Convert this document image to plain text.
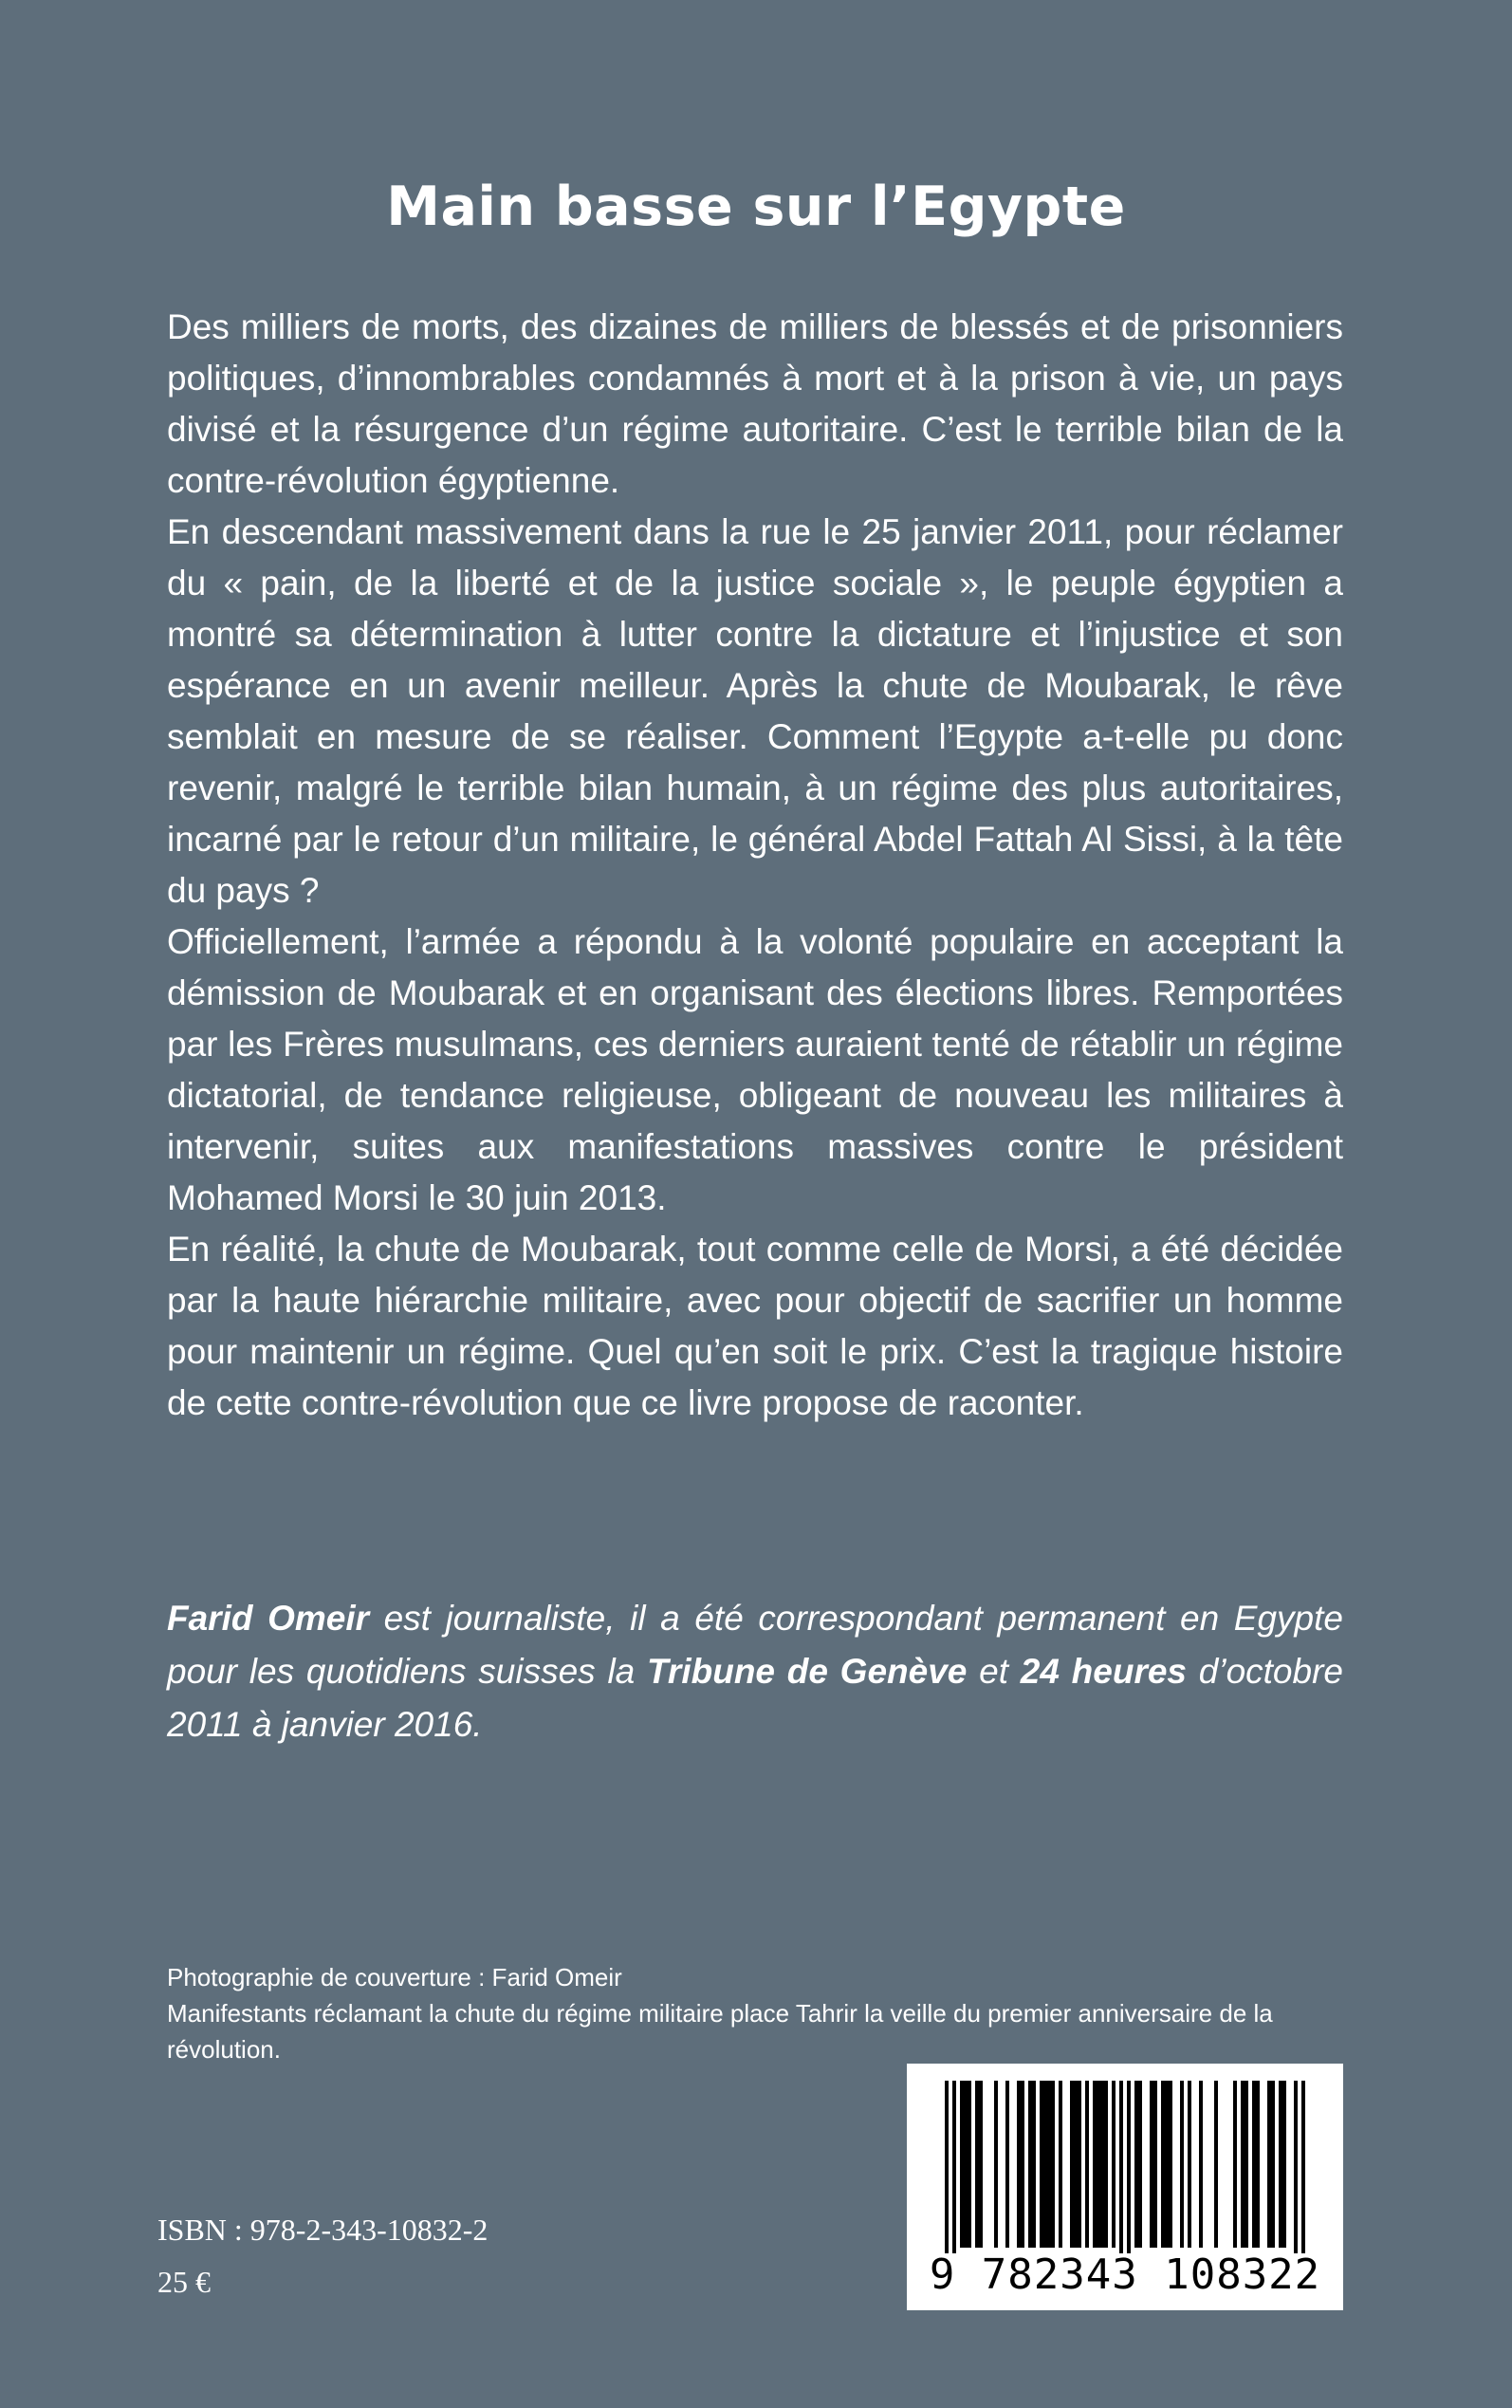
Main basse sur l’Egypte

Des milliers de morts, des dizaines de milliers de blessés et de prisonniers politiques, d’innombrables condamnés à mort et à la prison à vie, un pays divisé et la résurgence d’un régime autoritaire. C’est le terrible bilan de la contre-révolution égyptienne.

En descendant massivement dans la rue le 25 janvier 2011, pour réclamer du « pain, de la liberté et de la justice sociale », le peuple égyptien a montré sa détermination à lutter contre la dictature et l’injustice et son espérance en un avenir meilleur. Après la chute de Moubarak, le rêve semblait en mesure de se réaliser. Comment l’Egypte a-t-elle pu donc revenir, malgré le terrible bilan humain, à un régime des plus autoritaires, incarné par le retour d’un militaire, le général Abdel Fattah Al Sissi, à la tête du pays ?

Officiellement, l’armée a répondu à la volonté populaire en acceptant la démission de Moubarak et en organisant des élections libres. Remportées par les Frères musulmans, ces derniers auraient tenté de rétablir un régime dictatorial, de tendance religieuse, obligeant de nouveau les militaires à intervenir, suites aux manifestations massives contre le président Mohamed Morsi le 30 juin 2013.

En réalité, la chute de Moubarak, tout comme celle de Morsi, a été décidée par la haute hiérarchie militaire, avec pour objectif de sacrifier un homme pour maintenir un régime. Quel qu’en soit le prix. C’est la tragique histoire de cette contre-révolution que ce livre propose de raconter.

Farid Omeir est journaliste, il a été correspondant permanent en Egypte pour les quotidiens suisses la Tribune de Genève et 24 heures d’octobre 2011 à janvier 2016.

Photographie de couverture : Farid Omeir

Manifestants réclamant la chute du régime militaire place Tahrir la veille du premier anniversaire de la révolution.

9 782343 108322
ISBN : 978-2-343-10832-2
25 €
